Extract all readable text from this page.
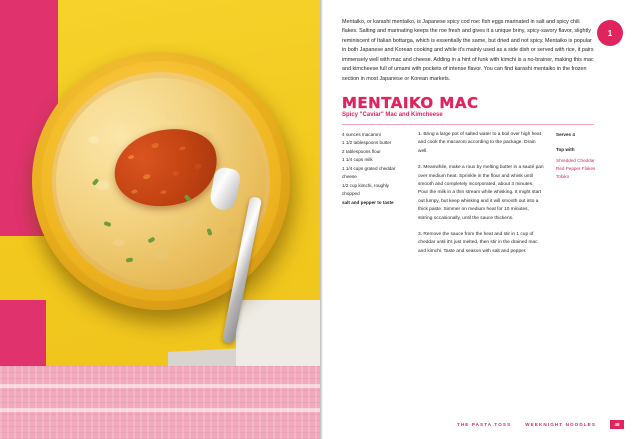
Mentaiko, or karashi mentaiko, is Japanese spicy cod roe: fish eggs marinated in salt and spicy chili flakes. Salting and marinating keeps the roe fresh and gives it a unique briny, spicy-savory flavor, slightly reminiscent of Italian bottarga, which is essentially the same, but dried and not spicy. Mentaiko is popular in both Japanese and Korean cooking and while it's mainly used as a side dish or served with rice, it pairs immensely well with mac and cheese. Adding in a hint of funk with kimchi is a no-brainer, making this mac and kimcheese full of umami with pockets of intense flavor. You can find karashi mentaiko in the frozen section in most Japanese or Korean markets.
1
MENTAIKO MAC
Spicy "Caviar" Mac and Kimcheese
4 ounces macaroni
1 1/2 tablespoons butter
2 tablespoons flour
1 1/4 cups milk
1 1/4 cups grated cheddar cheese
1/2 cup kimchi, roughly chopped
salt and pepper to taste

1. Bring a large pot of salted water to a boil over high heat and cook the macaroni according to the package. Drain well.

2. Meanwhile, make a roux by melting butter in a sauté pan over medium heat. Sprinkle in the flour and whisk until smooth and completely incorporated, about 3 minutes. Pour the milk in a thin stream while whisking. It might start out lumpy, but keep whisking and it will smooth out into a thick paste. Simmer on medium heat for 10 minutes, stirring occasionally, until the sauce thickens.

3. Remove the sauce from the heat and stir in 1 cup of cheddar until it's just melted, then stir in the drained mac and kimchi. Taste and season with salt and pepper.

Serves 4
Top with
Shredded Cheddar
Red Pepper Flakes
Tobiko
THE PASTA TOSS	WEEKNIGHT NOODLES	48
